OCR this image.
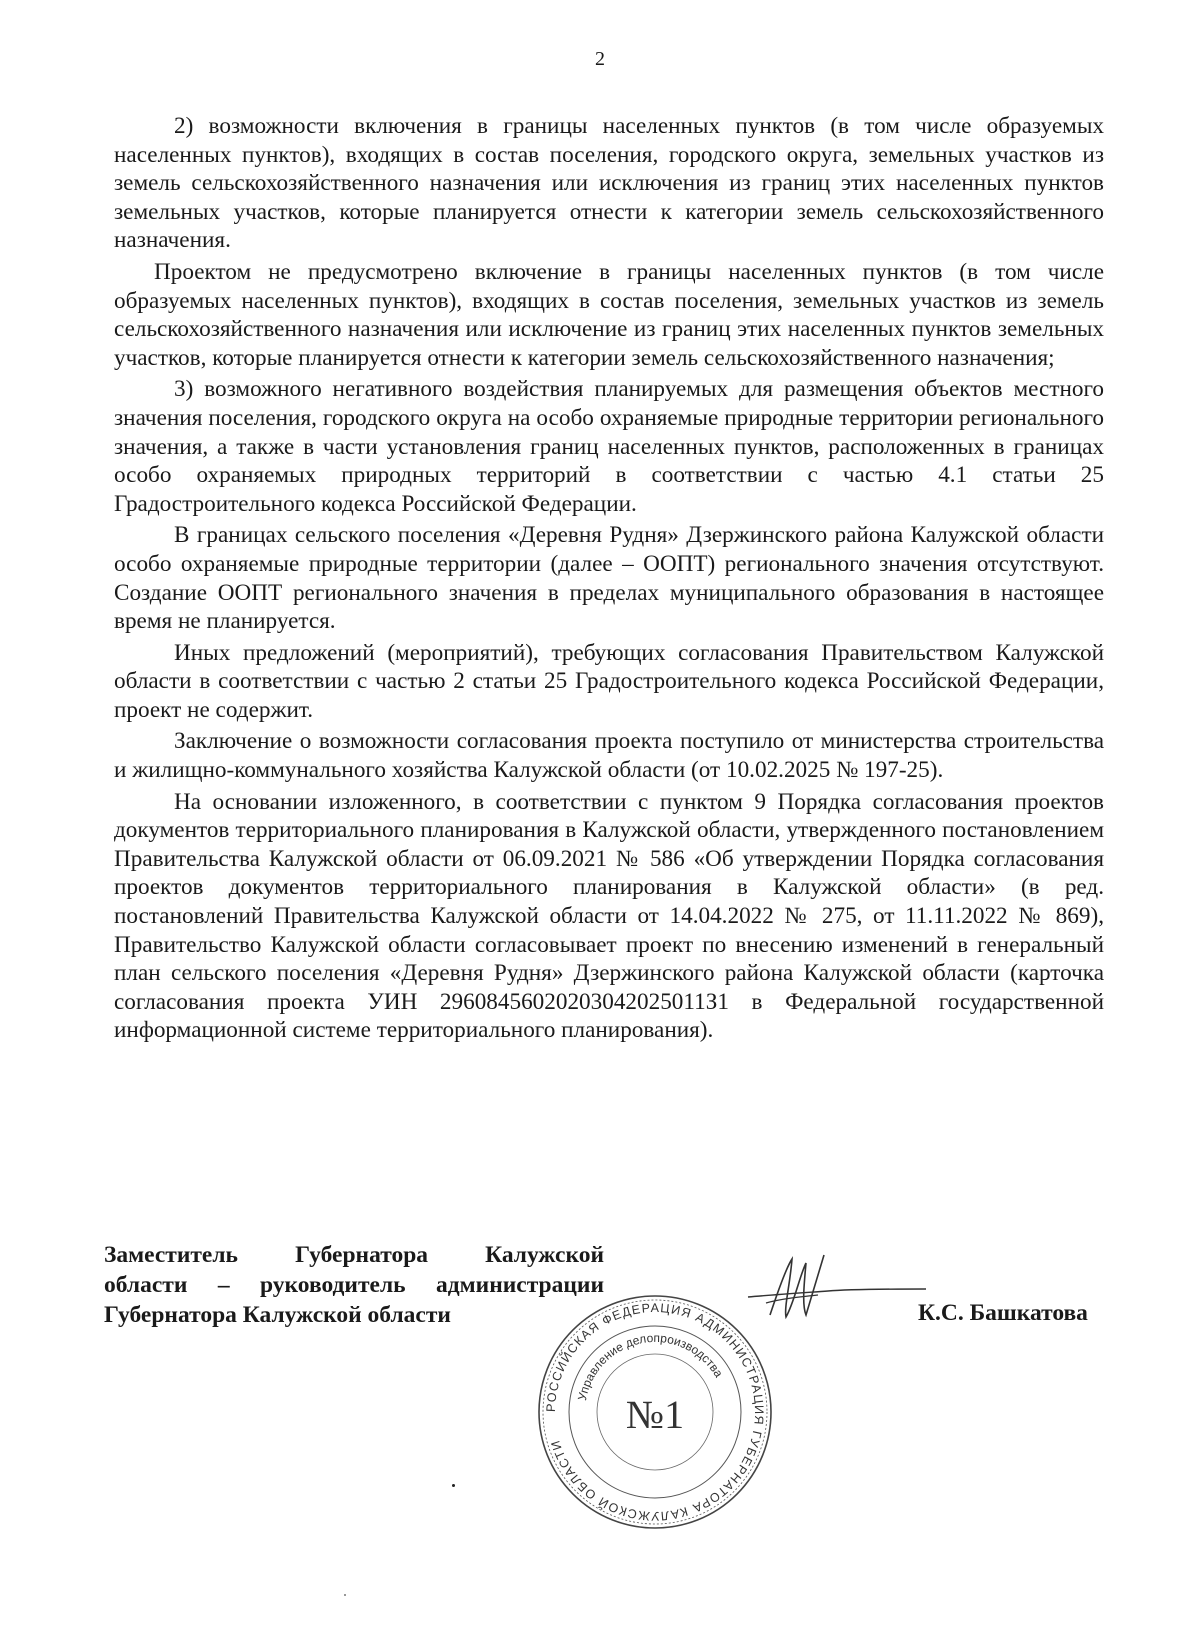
2

2) возможности включения в границы населенных пунктов (в том числе образуемых населенных пунктов), входящих в состав поселения, городского округа, земельных участков из земель сельскохозяйственного назначения или исключения из границ этих населенных пунктов земельных участков, которые планируется отнести к категории земель сельскохозяйственного назначения.

Проектом не предусмотрено включение в границы населенных пунктов (в том числе образуемых населенных пунктов), входящих в состав поселения, земельных участков из земель сельскохозяйственного назначения или исключение из границ этих населенных пунктов земельных участков, которые планируется отнести к категории земель сельскохозяйственного назначения;

3) возможного негативного воздействия планируемых для размещения объектов местного значения поселения, городского округа на особо охраняемые природные территории регионального значения, а также в части установления границ населенных пунктов, расположенных в границах особо охраняемых природных территорий в соответствии с частью 4.1 статьи 25 Градостроительного кодекса Российской Федерации.

В границах сельского поселения «Деревня Рудня» Дзержинского района Калужской области особо охраняемые природные территории (далее – ООПТ) регионального значения отсутствуют. Создание ООПТ регионального значения в пределах муниципального образования в настоящее время не планируется.

Иных предложений (мероприятий), требующих согласования Правительством Калужской области в соответствии с частью 2 статьи 25 Градостроительного кодекса Российской Федерации, проект не содержит.

Заключение о возможности согласования проекта поступило от министерства строительства и жилищно-коммунального хозяйства Калужской области (от 10.02.2025 № 197-25).

На основании изложенного, в соответствии с пунктом 9 Порядка согласования проектов документов территориального планирования в Калужской области, утвержденного постановлением Правительства Калужской области от 06.09.2021 № 586 «Об утверждении Порядка согласования проектов документов территориального планирования в Калужской области» (в ред. постановлений Правительства Калужской области от 14.04.2022 № 275, от 11.11.2022 № 869), Правительство Калужской области согласовывает проект по внесению изменений в генеральный план сельского поселения «Деревня Рудня» Дзержинского района Калужской области (карточка согласования проекта УИН 29608456020203042025011З1 в Федеральной государственной информационной системе территориального планирования).

Заместитель Губернатора Калужской
области – руководитель администрации
Губернатора Калужской области	К.С. Башкатова
РОССИЙСКАЯ ФЕДЕРАЦИЯ АДМИНИСТРАЦИЯ ГУБЕРНАТОРА КАЛУЖСКОЙ ОБЛАСТИ
Управление делопроизводства
№1
